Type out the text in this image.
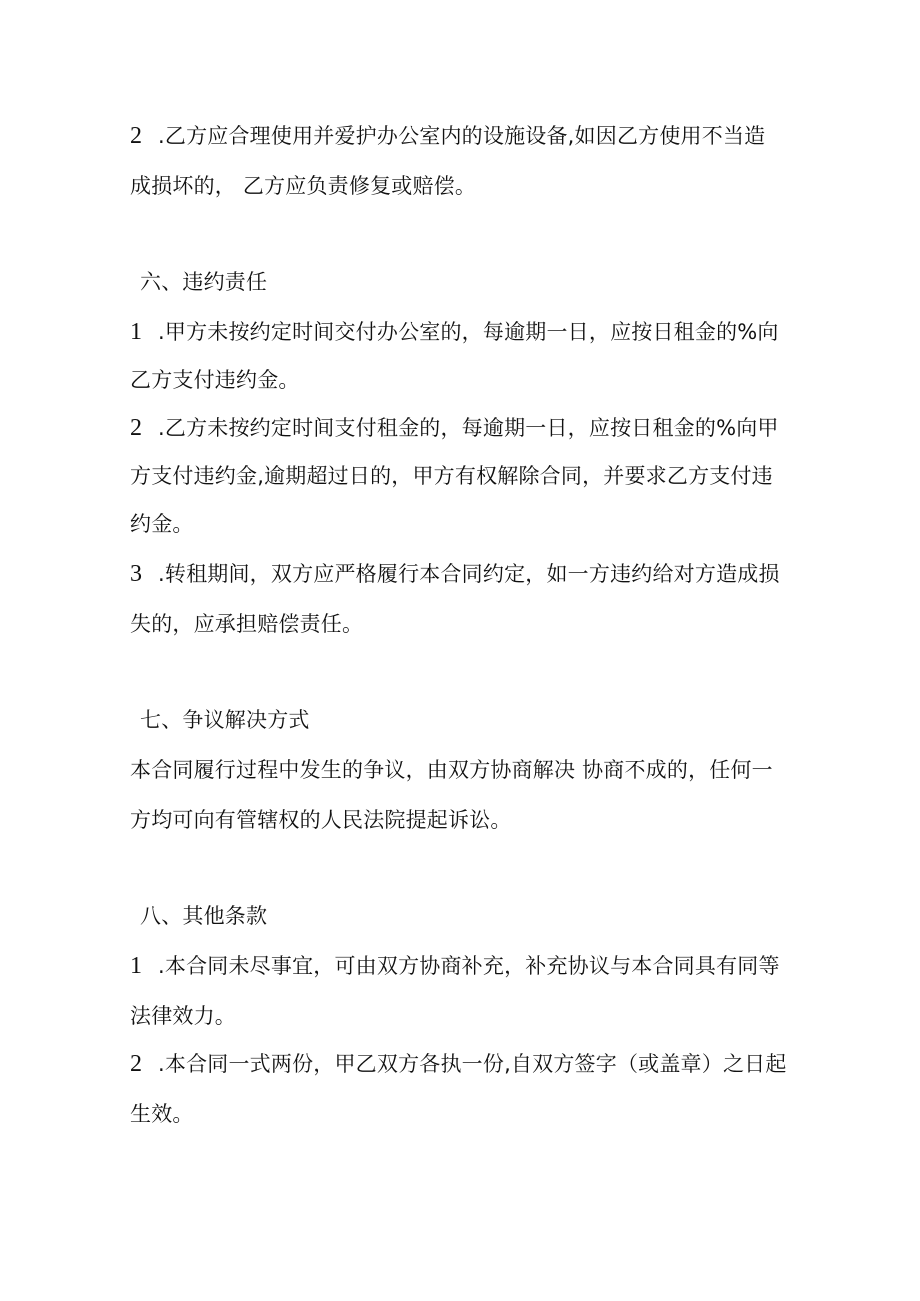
2 .乙方应合理使用并爱护办公室内的设施设备,如因乙方使用不当造
成损坏的， 乙方应负责修复或赔偿。
六、违约责任
1 .甲方未按约定时间交付办公室的，每逾期一日，应按日租金的%向
乙方支付违约金。
2 .乙方未按约定时间支付租金的，每逾期一日，应按日租金的%向甲
方支付违约金,逾期超过日的，甲方有权解除合同，并要求乙方支付违
约金。
3 .转租期间，双方应严格履行本合同约定，如一方违约给对方造成损
失的，应承担赔偿责任。
七、争议解决方式
本合同履行过程中发生的争议，由双方协商解决 协商不成的，任何一
方均可向有管辖权的人民法院提起诉讼。
八、其他条款
1 .本合同未尽事宜，可由双方协商补充，补充协议与本合同具有同等
法律效力。
2 .本合同一式两份，甲乙双方各执一份,自双方签字（或盖章）之日起
生效。
